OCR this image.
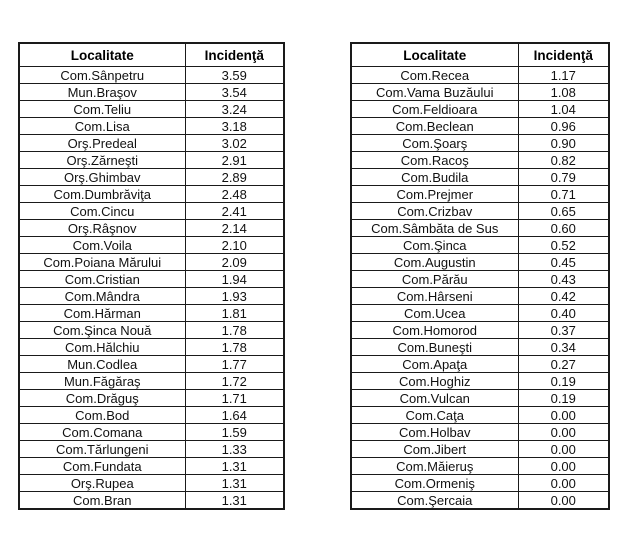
Localitate	Incidenţă
Com.Sânpetru	3.59
Mun.Braşov	3.54
Com.Teliu	3.24
Com.Lisa	3.18
Orş.Predeal	3.02
Orş.Zărneşti	2.91
Orş.Ghimbav	2.89
Com.Dumbrăviţa	2.48
Com.Cincu	2.41
Orş.Râşnov	2.14
Com.Voila	2.10
Com.Poiana Mărului	2.09
Com.Cristian	1.94
Com.Mândra	1.93
Com.Hărman	1.81
Com.Şinca Nouă	1.78
Com.Hălchiu	1.78
Mun.Codlea	1.77
Mun.Făgăraş	1.72
Com.Drăguş	1.71
Com.Bod	1.64
Com.Comana	1.59
Com.Tărlungeni	1.33
Com.Fundata	1.31
Orş.Rupea	1.31
Com.Bran	1.31
Localitate	Incidenţă
Com.Recea	1.17
Com.Vama Buzăului	1.08
Com.Feldioara	1.04
Com.Beclean	0.96
Com.Şoarş	0.90
Com.Racoş	0.82
Com.Budila	0.79
Com.Prejmer	0.71
Com.Crizbav	0.65
Com.Sâmbăta de Sus	0.60
Com.Şinca	0.52
Com.Augustin	0.45
Com.Părău	0.43
Com.Hârseni	0.42
Com.Ucea	0.40
Com.Homorod	0.37
Com.Buneşti	0.34
Com.Apaţa	0.27
Com.Hoghiz	0.19
Com.Vulcan	0.19
Com.Caţa	0.00
Com.Holbav	0.00
Com.Jibert	0.00
Com.Măieruş	0.00
Com.Ormeniş	0.00
Com.Şercaia	0.00
